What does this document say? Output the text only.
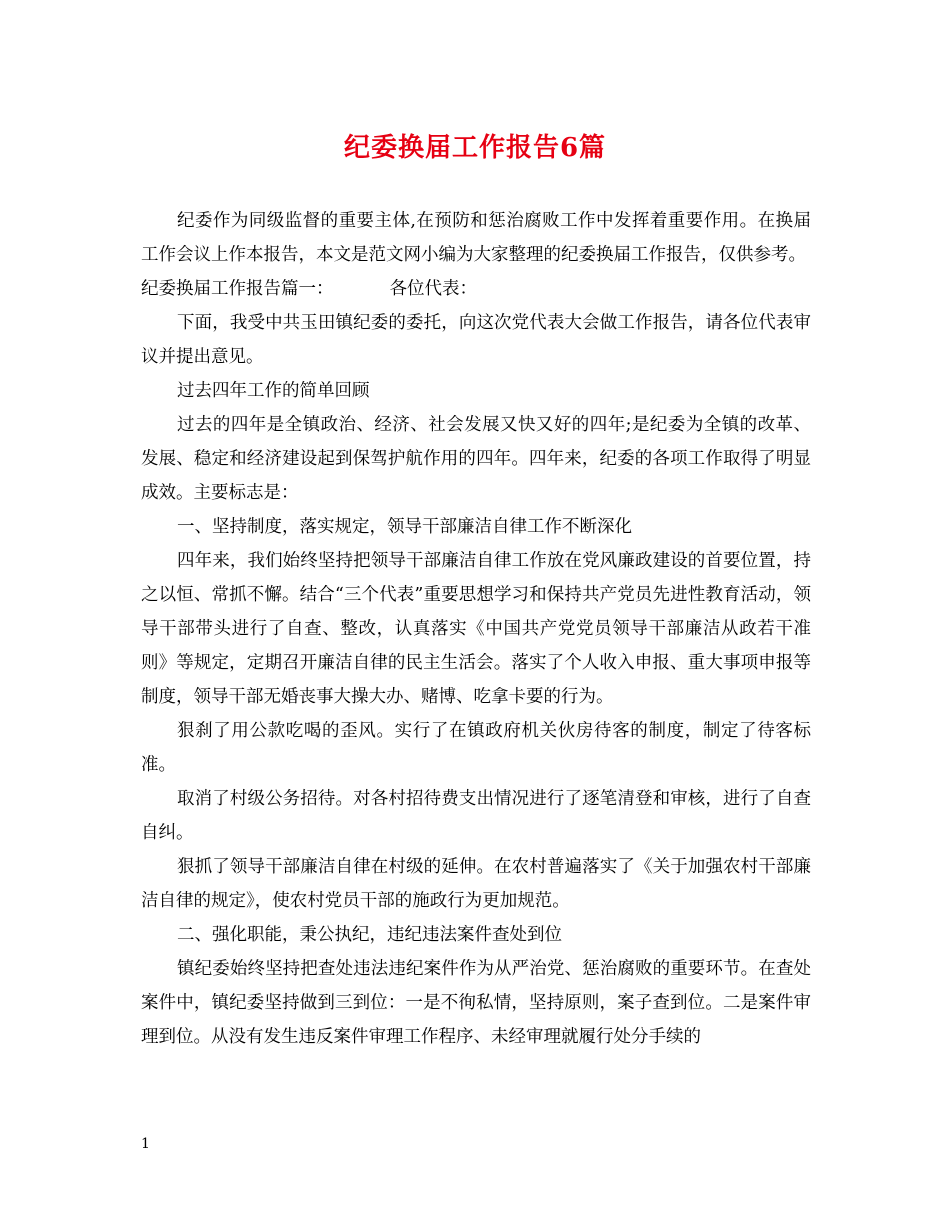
纪委换届工作报告6篇

纪委作为同级监督的重要主体,在预防和惩治腐败工作中发挥着重要作用。在换届工作会议上作本报告，本文是范文网小编为大家整理的纪委换届工作报告，仅供参考。

纪委换届工作报告篇一：	各位代表：

下面，我受中共玉田镇纪委的委托，向这次党代表大会做工作报告，请各位代表审议并提出意见。

过去四年工作的简单回顾

过去的四年是全镇政治、经济、社会发展又快又好的四年;是纪委为全镇的改革、发展、稳定和经济建设起到保驾护航作用的四年。四年来，纪委的各项工作取得了明显成效。主要标志是：

一、坚持制度，落实规定，领导干部廉洁自律工作不断深化

四年来，我们始终坚持把领导干部廉洁自律工作放在党风廉政建设的首要位置，持之以恒、常抓不懈。结合“三个代表”重要思想学习和保持共产党员先进性教育活动，领导干部带头进行了自查、整改，认真落实《中国共产党党员领导干部廉洁从政若干准则》等规定，定期召开廉洁自律的民主生活会。落实了个人收入申报、重大事项申报等制度，领导干部无婚丧事大操大办、赌博、吃拿卡要的行为。

狠刹了用公款吃喝的歪风。实行了在镇政府机关伙房待客的制度，制定了待客标准。

取消了村级公务招待。对各村招待费支出情况进行了逐笔清登和审核，进行了自查自纠。

狠抓了领导干部廉洁自律在村级的延伸。在农村普遍落实了《关于加强农村干部廉洁自律的规定》，使农村党员干部的施政行为更加规范。

二、强化职能，秉公执纪，违纪违法案件查处到位

镇纪委始终坚持把查处违法违纪案件作为从严治党、惩治腐败的重要环节。在查处案件中，镇纪委坚持做到三到位：一是不徇私情，坚持原则，案子查到位。二是案件审理到位。从没有发生违反案件审理工作程序、未经审理就履行处分手续的

1
